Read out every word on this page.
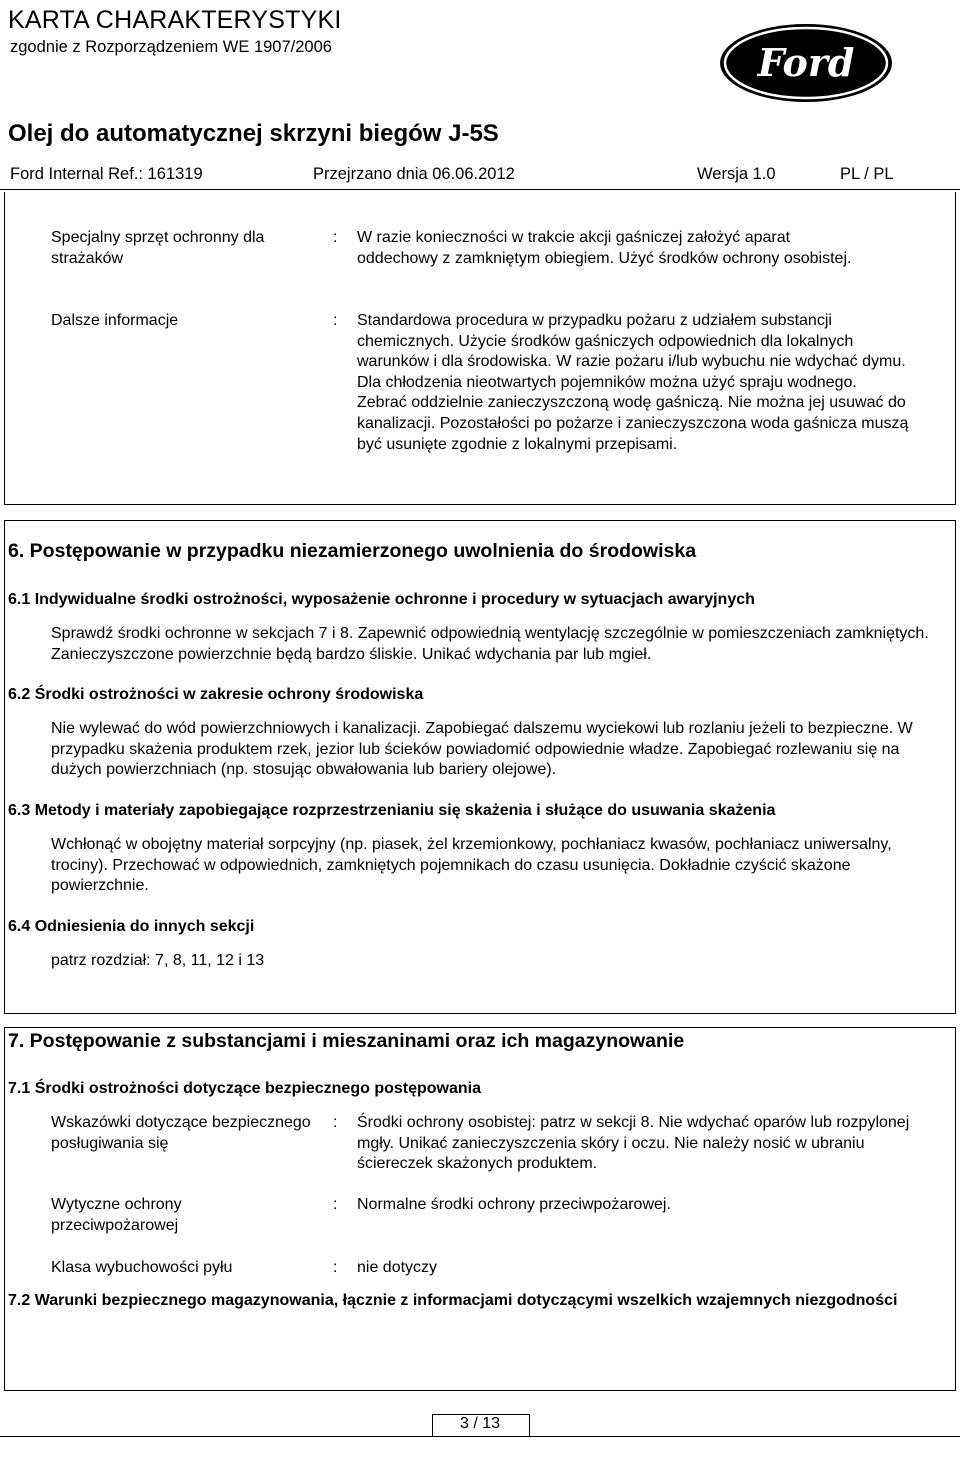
KARTA CHARAKTERYSTYKI
zgodnie z Rozporządzeniem WE 1907/2006	Ford
Olej do automatycznej skrzyni biegów J-5S
Ford Internal Ref.: 161319	Przejrzano dnia 06.06.2012	Wersja 1.0	PL / PL
Specjalny sprzęt ochronny dla strażaków
: W razie konieczności w trakcie akcji gaśniczej założyć aparat oddechowy z zamkniętym obiegiem. Użyć środków ochrony osobistej.
Dalsze informacje	: Standardowa procedura w przypadku pożaru z udziałem substancji chemicznych. Użycie środków gaśniczych odpowiednich dla lokalnych warunków i dla środowiska. W razie pożaru i/lub wybuchu nie wdychać dymu. Dla chłodzenia nieotwartych pojemników można użyć spraju wodnego. Zebrać oddzielnie zanieczyszczoną wodę gaśniczą. Nie można jej usuwać do kanalizacji. Pozostałości po pożarze i zanieczyszczona woda gaśnicza muszą być usunięte zgodnie z lokalnymi przepisami.
6. Postępowanie w przypadku niezamierzonego uwolnienia do środowiska
6.1 Indywidualne środki ostrożności, wyposażenie ochronne i procedury w sytuacjach awaryjnych
Sprawdź środki ochronne w sekcjach 7 i 8. Zapewnić odpowiednią wentylację szczególnie w pomieszczeniach zamkniętych. Zanieczyszczone powierzchnie będą bardzo śliskie. Unikać wdychania par lub mgieł.
6.2 Środki ostrożności w zakresie ochrony środowiska
Nie wylewać do wód powierzchniowych i kanalizacji. Zapobiegać dalszemu wyciekowi lub rozlaniu jeżeli to bezpieczne. W przypadku skażenia produktem rzek, jezior lub ścieków powiadomić odpowiednie władze. Zapobiegać rozlewaniu się na dużych powierzchniach (np. stosując obwałowania lub bariery olejowe).
6.3 Metody i materiały zapobiegające rozprzestrzenianiu się skażenia i służące do usuwania skażenia
Wchłonąć w obojętny materiał sorpcyjny (np. piasek, żel krzemionkowy, pochłaniacz kwasów, pochłaniacz uniwersalny, trociny). Przechować w odpowiednich, zamkniętych pojemnikach do czasu usunięcia. Dokładnie czyścić skażone powierzchnie.
6.4 Odniesienia do innych sekcji
patrz rozdział: 7, 8, 11, 12 i 13
7. Postępowanie z substancjami i mieszaninami oraz ich magazynowanie
7.1 Środki ostrożności dotyczące bezpiecznego postępowania
Wskazówki dotyczące bezpiecznego posługiwania się
: Środki ochrony osobistej: patrz w sekcji 8. Nie wdychać oparów lub rozpylonej mgły. Unikać zanieczyszczenia skóry i oczu. Nie należy nosić w ubraniu ściereczek skażonych produktem.
Wytyczne ochrony przeciwpożarowej
: Normalne środki ochrony przeciwpożarowej.
Klasa wybuchowości pyłu	: nie dotyczy
7.2 Warunki bezpiecznego magazynowania, łącznie z informacjami dotyczącymi wszelkich wzajemnych niezgodności
3 / 13
